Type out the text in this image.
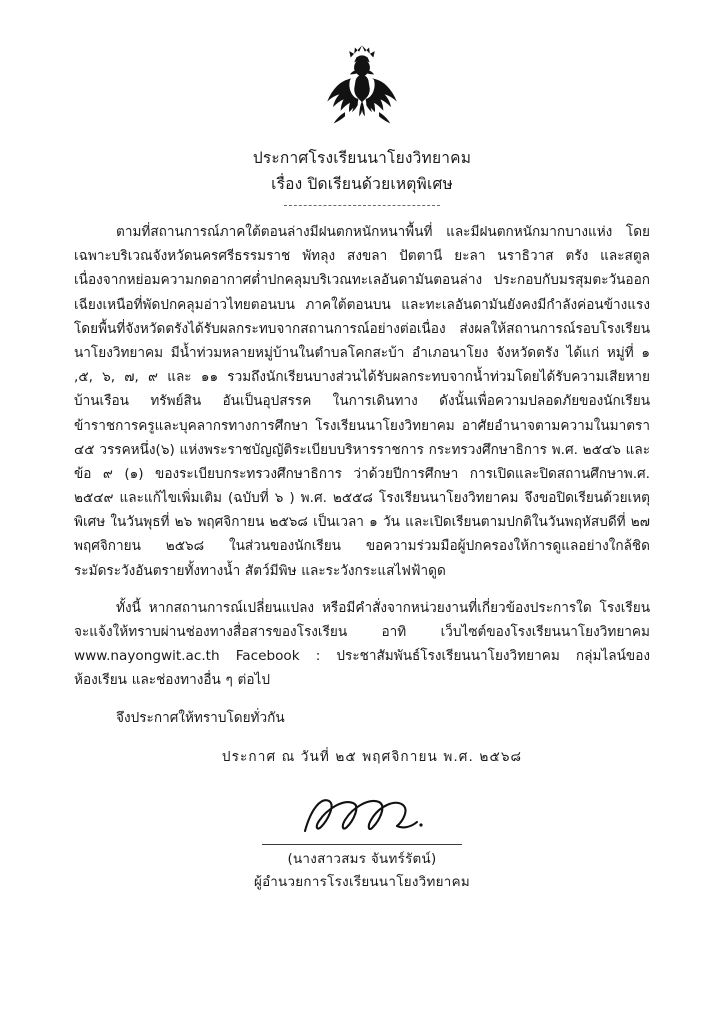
ประกาศโรงเรียนนาโยงวิทยาคม
เรื่อง ปิดเรียนด้วยเหตุพิเศษ

ตามที่สถานการณ์ภาคใต้ตอนล่างมีฝนตกหนักหนาพื้นที่ และมีฝนตกหนักมากบางแห่ง โดยเฉพาะบริเวณจังหวัดนครศรีธรรมราช พัทลุง สงขลา ปัตตานี ยะลา นราธิวาส ตรัง และสตูล เนื่องจากหย่อมความกดอากาศต่ำปกคลุมบริเวณทะเลอันดามันตอนล่าง ประกอบกับมรสุมตะวันออกเฉียงเหนือที่พัดปกคลุมอ่าวไทยตอนบน ภาคใต้ตอนบน และทะเลอันดามันยังคงมีกำลังค่อนข้างแรง โดยพื้นที่จังหวัดตรังได้รับผลกระทบจากสถานการณ์อย่างต่อเนื่อง ส่งผลให้สถานการณ์รอบโรงเรียนนาโยงวิทยาคม มีน้ำท่วมหลายหมู่บ้านในตำบลโคกสะบ้า อำเภอนาโยง จังหวัดตรัง ได้แก่ หมู่ที่ ๑ ,๕, ๖, ๗, ๙ และ ๑๑ รวมถึงนักเรียนบางส่วนได้รับผลกระทบจากน้ำท่วมโดยได้รับความเสียหาย บ้านเรือน ทรัพย์สิน อันเป็นอุปสรรค ในการเดินทาง ดังนั้นเพื่อความปลอดภัยของนักเรียน ข้าราชการครูและบุคลากรทางการศึกษา โรงเรียนนาโยงวิทยาคม อาศัยอำนาจตามความในมาตรา ๔๕ วรรคหนึ่ง(๖) แห่งพระราชบัญญัติระเบียบบริหารราชการ กระทรวงศึกษาธิการ พ.ศ. ๒๕๔๖ และข้อ ๙ (๑) ของระเบียบกระทรวงศึกษาธิการ ว่าด้วยปีการศึกษา การเปิดและปิดสถานศึกษาพ.ศ. ๒๕๔๙ และแก้ไขเพิ่มเติม (ฉบับที่ ๖ ) พ.ศ. ๒๕๕๘ โรงเรียนนาโยงวิทยาคม จึงขอปิดเรียนด้วยเหตุพิเศษ ในวันพุธที่ ๒๖ พฤศจิกายน ๒๕๖๘ เป็นเวลา ๑ วัน และเปิดเรียนตามปกติในวันพฤหัสบดีที่ ๒๗ พฤศจิกายน ๒๕๖๘ ในส่วนของนักเรียน ขอความร่วมมือผู้ปกครองให้การดูแลอย่างใกล้ชิด ระมัดระวังอันตรายทั้งทางน้ำ สัตว์มีพิษ และระวังกระแสไฟฟ้าดูด

ทั้งนี้ หากสถานการณ์เปลี่ยนแปลง หรือมีคำสั่งจากหน่วยงานที่เกี่ยวข้องประการใด โรงเรียนจะแจ้งให้ทราบผ่านช่องทางสื่อสารของโรงเรียน อาทิ เว็บไซต์ของโรงเรียนนาโยงวิทยาคม www.nayongwit.ac.th Facebook : ประชาสัมพันธ์โรงเรียนนาโยงวิทยาคม กลุ่มไลน์ของห้องเรียน และช่องทางอื่น ๆ ต่อไป

จึงประกาศให้ทราบโดยทั่วกัน

ประกาศ ณ วันที่ ๒๕ พฤศจิกายน พ.ศ. ๒๕๖๘
(นางสาวสมร จันทร์รัตน์)
ผู้อำนวยการโรงเรียนนาโยงวิทยาคม
